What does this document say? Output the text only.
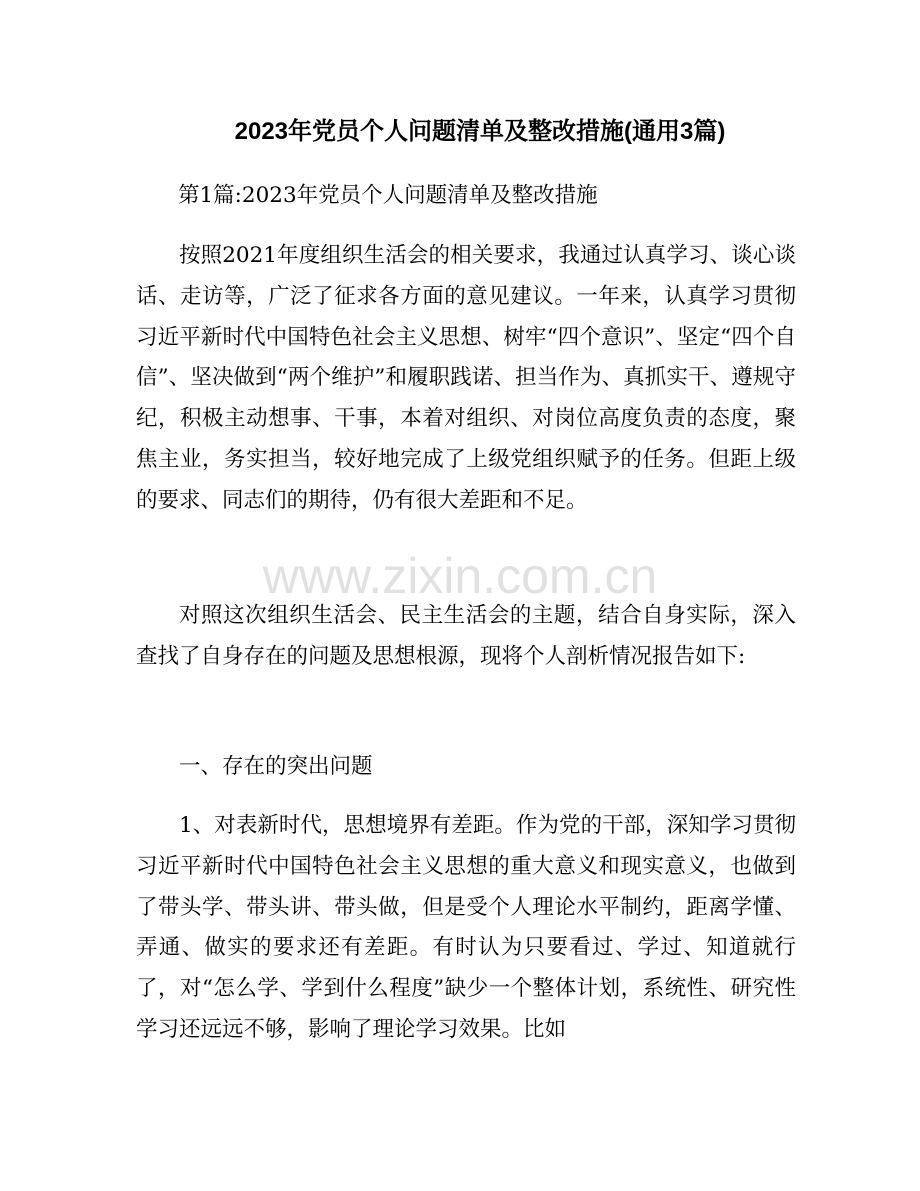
2023年党员个人问题清单及整改措施(通用3篇)
第1篇:2023年党员个人问题清单及整改措施
按照2021年度组织生活会的相关要求，我通过认真学习、谈心谈话、走访等，广泛了征求各方面的意见建议。一年来，认真学习贯彻习近平新时代中国特色社会主义思想、树牢“四个意识”、坚定“四个自信”、坚决做到“两个维护”和履职践诺、担当作为、真抓实干、遵规守纪，积极主动想事、干事，本着对组织、对岗位高度负责的态度，聚焦主业，务实担当，较好地完成了上级党组织赋予的任务。但距上级的要求、同志们的期待，仍有很大差距和不足。
对照这次组织生活会、民主生活会的主题，结合自身实际，深入查找了自身存在的问题及思想根源，现将个人剖析情况报告如下:
一、存在的突出问题
1、对表新时代，思想境界有差距。作为党的干部，深知学习贯彻习近平新时代中国特色社会主义思想的重大意义和现实意义，也做到了带头学、带头讲、带头做，但是受个人理论水平制约，距离学懂、弄通、做实的要求还有差距。有时认为只要看过、学过、知道就行了，对“怎么学、学到什么程度”缺少一个整体计划，系统性、研究性学习还远远不够，影响了理论学习效果。比如
www.zixin.com.cn
